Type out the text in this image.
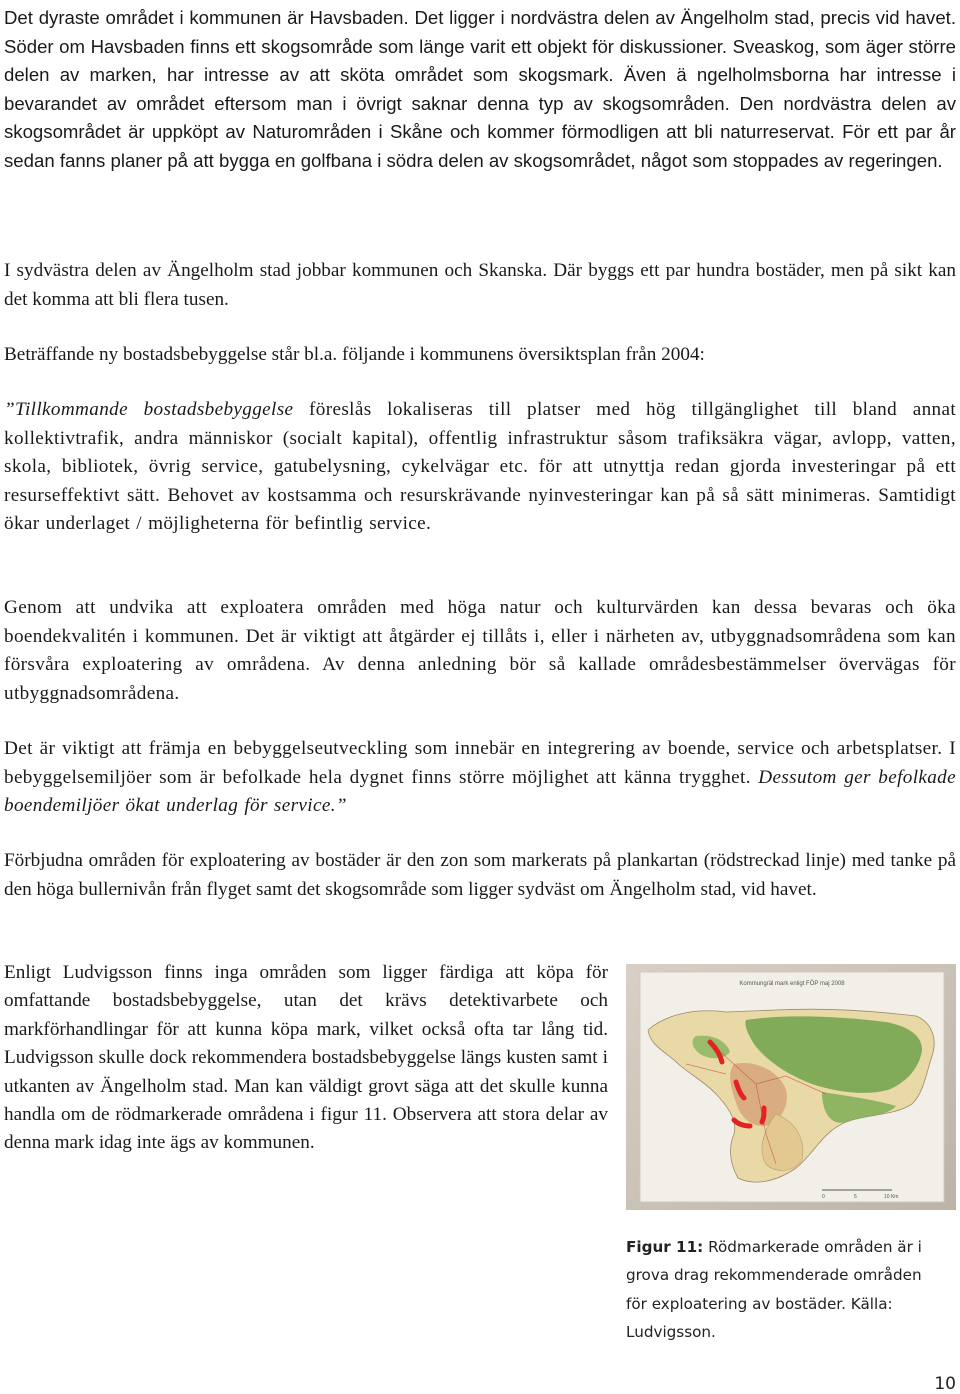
Det dyraste området i kommunen är Havsbaden. Det ligger i nordvästra delen av Ängelholm stad, precis vid havet. Söder om Havsbaden finns ett skogsområde som länge varit ett objekt för diskussioner. Sveaskog, som äger större delen av marken, har intresse av att sköta området som skogsmark. Även ä ngelholmsborna har intresse i bevarandet av området eftersom man i övrigt saknar denna typ av skogsområden. Den nordvästra delen av skogsområdet är uppköpt av Naturområden i Skåne och kommer förmodligen att bli naturreservat. För ett par år sedan fanns planer på att bygga en golfbana i södra delen av skogsområdet, något som stoppades av regeringen.

I sydvästra delen av Ängelholm stad jobbar kommunen och Skanska. Där byggs ett par hundra bostäder, men på sikt kan det komma att bli flera tusen.

Beträffande ny bostadsbebyggelse står bl.a. följande i kommunens översiktsplan från 2004:

”Tillkommande bostadsbebyggelse föreslås lokaliseras till platser med hög tillgänglighet till bland annat kollektivtrafik, andra människor (socialt kapital), offentlig infrastruktur såsom trafiksäkra vägar, avlopp, vatten, skola, bibliotek, övrig service, gatubelysning, cykelvägar etc. för att utnyttja redan gjorda investeringar på ett resurseffektivt sätt. Behovet av kostsamma och resurskrävande nyinvesteringar kan på så sätt minimeras. Samtidigt ökar underlaget / möjligheterna för befintlig service.

Genom att undvika att exploatera områden med höga natur och kulturvärden kan dessa bevaras och öka boendekvalitén i kommunen. Det är viktigt att åtgärder ej tillåts i, eller i närheten av, utbyggnadsområdena som kan försvåra exploatering av områdena. Av denna anledning bör så kallade områdesbestämmelser övervägas för utbyggnadsområdena.

Det är viktigt att främja en bebyggelseutveckling som innebär en integrering av boende, service och arbetsplatser. I bebyggelsemiljöer som är befolkade hela dygnet finns större möjlighet att känna trygghet. Dessutom ger befolkade boendemiljöer ökat underlag för service.”

Förbjudna områden för exploatering av bostäder är den zon som markerats på plankartan (rödstreckad linje) med tanke på den höga bullernivån från flyget samt det skogsområde som ligger sydväst om Ängelholm stad, vid havet.

Enligt Ludvigsson finns inga områden som ligger färdiga att köpa för omfattande bostadsbebyggelse, utan det krävs detektivarbete och markförhandlingar för att kunna köpa mark, vilket också ofta tar lång tid. Ludvigsson skulle dock rekommendera bostadsbebyggelse längs kusten samt i utkanten av Ängelholm stad. Man kan väldigt grovt säga att det skulle kunna handla om de rödmarkerade områdena i figur 11. Observera att stora delar av denna mark idag inte ägs av kommunen.

Kommungräl mark enligt FÖP maj 2008
0	5	10 Km
Figur 11: Rödmarkerade områden är i grova drag rekommenderade områden för exploatering av bostäder. Källa: Ludvigsson.
10
